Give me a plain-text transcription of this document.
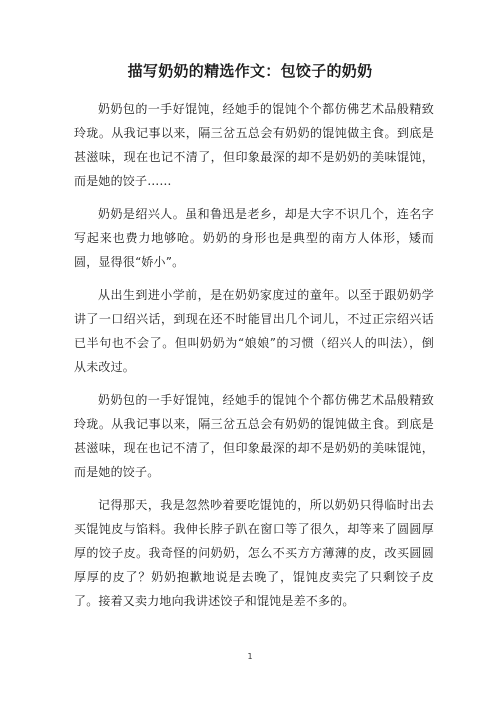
描写奶奶的精选作文：包饺子的奶奶

奶奶包的一手好馄饨，经她手的馄饨个个都仿佛艺术品般精致玲珑。从我记事以来，隔三岔五总会有奶奶的馄饨做主食。到底是甚滋味，现在也记不清了，但印象最深的却不是奶奶的美味馄饨，而是她的饺子……

奶奶是绍兴人。虽和鲁迅是老乡，却是大字不识几个，连名字写起来也费力地够呛。奶奶的身形也是典型的南方人体形，矮而圆，显得很“娇小”。

从出生到进小学前，是在奶奶家度过的童年。以至于跟奶奶学讲了一口绍兴话，到现在还不时能冒出几个词儿，不过正宗绍兴话已半句也不会了。但叫奶奶为“娘娘”的习惯（绍兴人的叫法），倒从未改过。

奶奶包的一手好馄饨，经她手的馄饨个个都仿佛艺术品般精致玲珑。从我记事以来，隔三岔五总会有奶奶的馄饨做主食。到底是甚滋味，现在也记不清了，但印象最深的却不是奶奶的美味馄饨，而是她的饺子。

记得那天，我是忽然吵着要吃馄饨的，所以奶奶只得临时出去买馄饨皮与馅料。我伸长脖子趴在窗口等了很久，却等来了圆圆厚厚的饺子皮。我奇怪的问奶奶，怎么不买方方薄薄的皮，改买圆圆厚厚的皮了？奶奶抱歉地说是去晚了，馄饨皮卖完了只剩饺子皮了。接着又卖力地向我讲述饺子和馄饨是差不多的。

1
